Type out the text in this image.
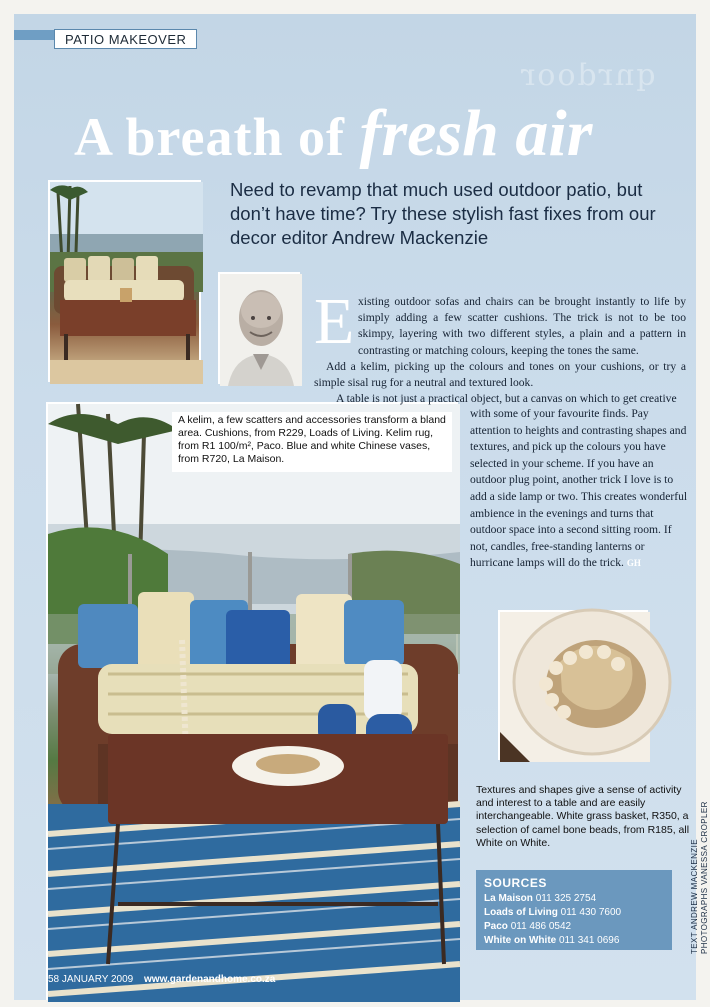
PATIO MAKEOVER
qnrdoor
A breath of fresh air

Need to revamp that much used outdoor patio, but don’t have time? Try these stylish fast fixes from our decor editor Andrew Mackenzie

A kelim, a few scatters and accessories transform a bland area. Cushions, from R229, Loads of Living. Kelim rug, from R1 100/m², Paco. Blue and white Chinese vases, from R720, La Maison.
E xisting outdoor sofas and chairs can be brought instantly to life by simply adding a few scatter cushions. The trick is not to be too skimpy, layering with two different styles, a plain and a pattern in contrasting or matching colours, keeping the tones the same.
Add a kelim, picking up the colours and tones on your cushions, or try a simple sisal rug for a neutral and textured look.
A table is not just a practical object, but a canvas on which to get creative
with some of your favourite finds. Pay attention to heights and contrasting shapes and textures, and pick up the colours you have selected in your scheme. If you have an outdoor plug point, another trick I love is to add a side lamp or two. This creates wonderful ambience in the evenings and turns that outdoor space into a second sitting room. If not, candles, free-standing lanterns or hurricane lamps will do the trick. GH

Textures and shapes give a sense of activity and interest to a table and are easily interchangeable. White grass basket, R350, a selection of camel bone beads, from R185, all White on White.

SOURCES
La Maison 011 325 2754
Loads of Living 011 430 7600
Paco 011 486 0542
White on White 011 341 0696	TEXT ANDREW MACKENZIE PHOTOGRAPHS VANESSA CROPLER
58 JANUARY 2009 www.gardenandhome.co.za
